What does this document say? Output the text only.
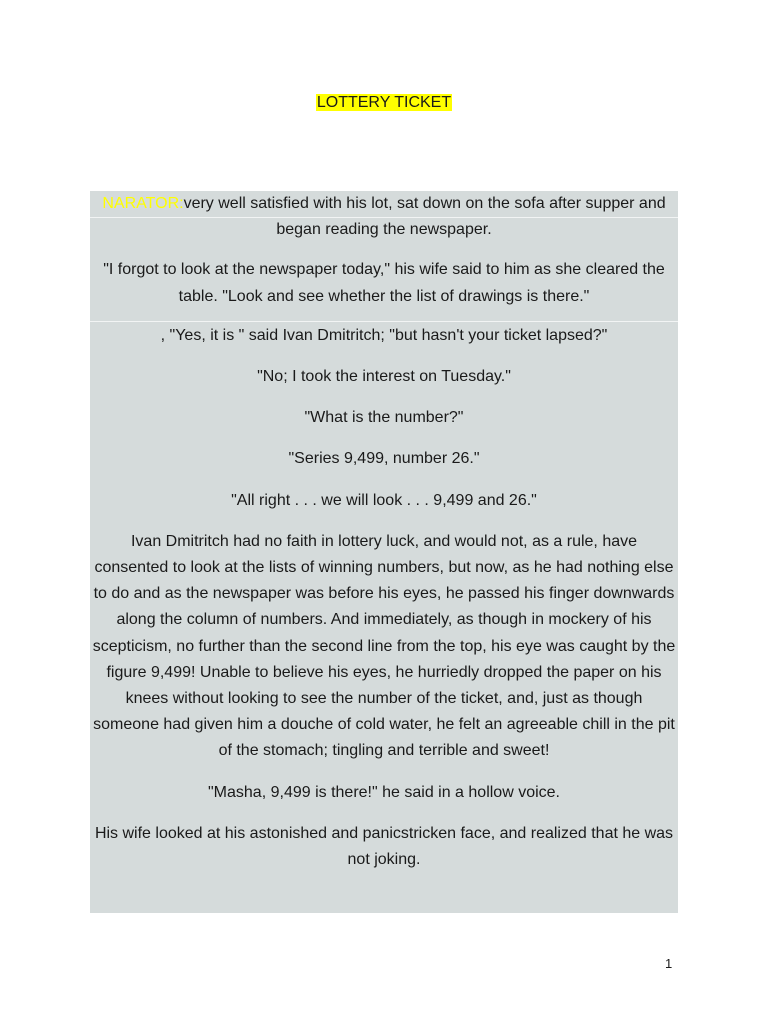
LOTTERY TICKET

NARATOR:very well satisfied with his lot, sat down on the sofa after supper and began reading the newspaper.

"I forgot to look at the newspaper today," his wife said to him as she cleared the table. "Look and see whether the list of drawings is there."

, "Yes, it is " said Ivan Dmitritch; "but hasn't your ticket lapsed?"

"No; I took the interest on Tuesday."

"What is the number?"

"Series 9,499, number 26."

"All right . . . we will look . . . 9,499 and 26."

Ivan Dmitritch had no faith in lottery luck, and would not, as a rule, have consented to look at the lists of winning numbers, but now, as he had nothing else to do and as the newspaper was before his eyes, he passed his finger downwards along the column of numbers. And immediately, as though in mockery of his scepticism, no further than the second line from the top, his eye was caught by the figure 9,499! Unable to believe his eyes, he hurriedly dropped the paper on his knees without looking to see the number of the ticket, and, just as though someone had given him a douche of cold water, he felt an agreeable chill in the pit of the stomach; tingling and terrible and sweet!

"Masha, 9,499 is there!" he said in a hollow voice.

His wife looked at his astonished and panicstricken face, and realized that he was not joking.

1
